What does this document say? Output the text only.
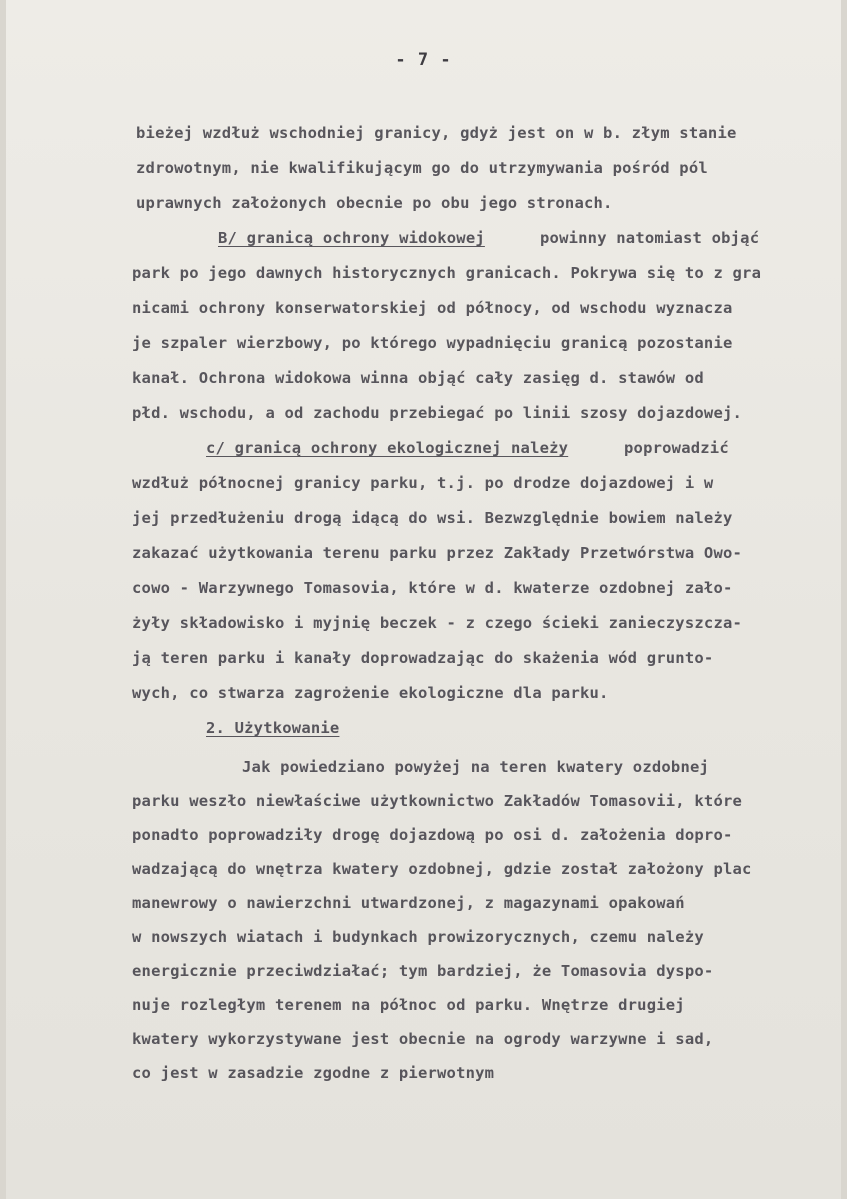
- 7 -
bieżej wzdłuż wschodniej granicy, gdyż jest on w b. złym stanie
zdrowotnym, nie kwalifikującym go do utrzymywania pośród pól
uprawnych założonych obecnie po obu jego stronach.
B/ granicą ochrony widokowej	powinny natomiast objąć
park po jego dawnych historycznych granicach. Pokrywa się to z gra
nicami ochrony konserwatorskiej od północy, od wschodu wyznacza
je szpaler wierzbowy, po którego wypadnięciu granicą pozostanie
kanał. Ochrona widokowa winna objąć cały zasięg d. stawów od
płd. wschodu, a od zachodu przebiegać po linii szosy dojazdowej.
c/ granicą ochrony ekologicznej należy	poprowadzić
wzdłuż północnej granicy parku, t.j. po drodze dojazdowej i w
jej przedłużeniu drogą idącą do wsi. Bezwzględnie bowiem należy
zakazać użytkowania terenu parku przez Zakłady Przetwórstwa Owo-
cowo - Warzywnego Tomasovia, które w d. kwaterze ozdobnej zało-
żyły składowisko i myjnię beczek - z czego ścieki zanieczyszcza-
ją teren parku i kanały doprowadzając do skażenia wód grunto-
wych, co stwarza zagrożenie ekologiczne dla parku.
2. Użytkowanie
Jak powiedziano powyżej na teren kwatery ozdobnej
parku weszło niewłaściwe użytkownictwo Zakładów Tomasovii, które
ponadto poprowadziły drogę dojazdową po osi d. założenia dopro-
wadzającą do wnętrza kwatery ozdobnej, gdzie został założony plac
manewrowy o nawierzchni utwardzonej, z magazynami opakowań
w nowszych wiatach i budynkach prowizorycznych, czemu należy
energicznie przeciwdziałać; tym bardziej, że Tomasovia dyspo-
nuje rozległym terenem na północ od parku. Wnętrze drugiej
kwatery wykorzystywane jest obecnie na ogrody warzywne i sad,
co jest w zasadzie zgodne z pierwotnym
